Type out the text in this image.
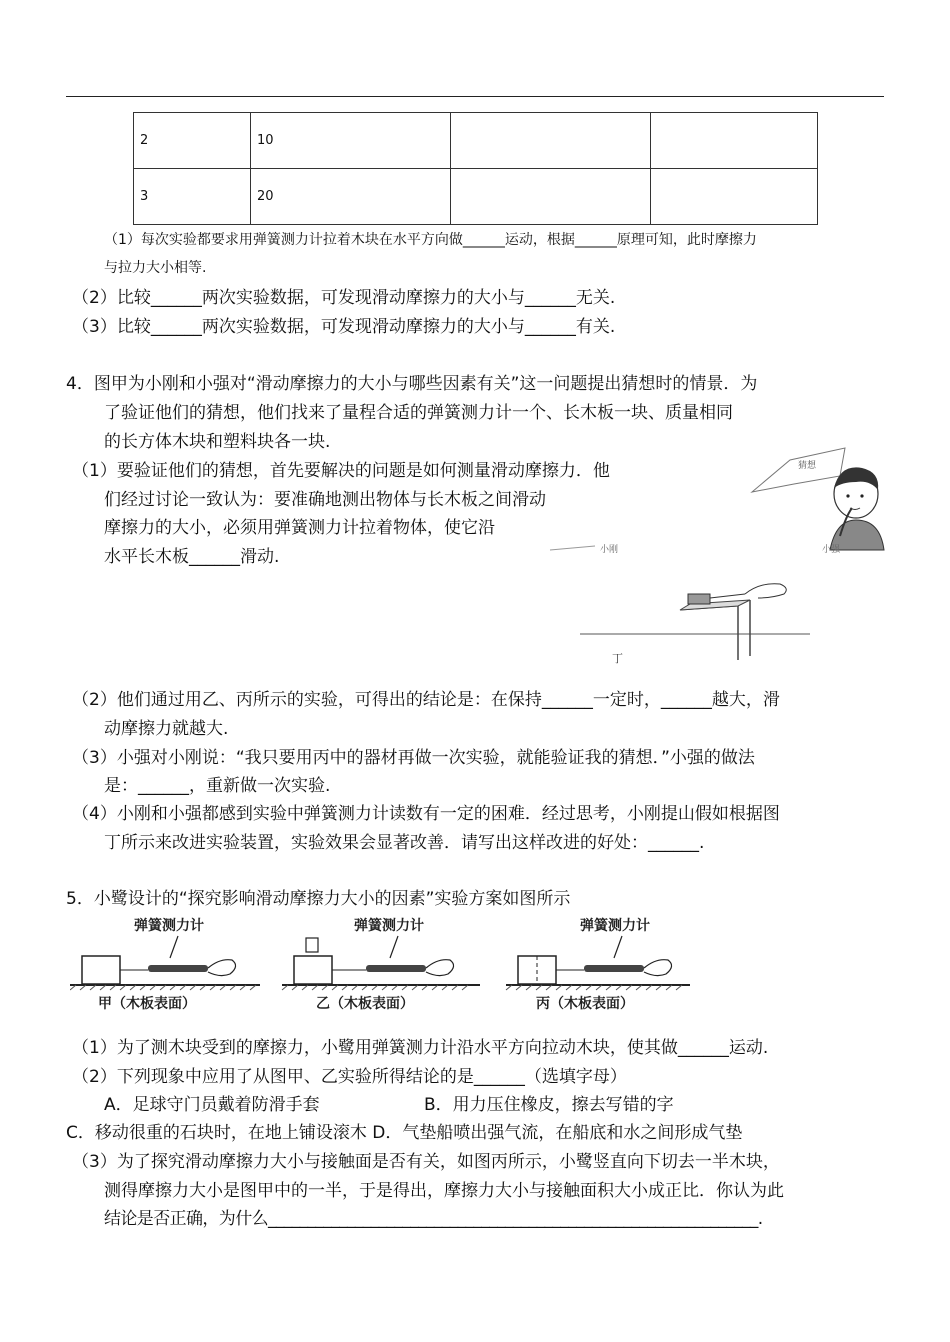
2	10		
3	20		
（1）每次实验都要求用弹簧测力计拉着木块在水平方向做______运动，根据______原理可知，此时摩擦力
与拉力大小相等.
（2）比较______两次实验数据，可发现滑动摩擦力的大小与______无关.
（3）比较______两次实验数据，可发现滑动摩擦力的大小与______有关.
4．图甲为小刚和小强对“滑动摩擦力的大小与哪些因素有关”这一问题提出猜想时的情景．为
了验证他们的猜想，他们找来了量程合适的弹簧测力计一个、长木板一块、质量相同
的长方体木块和塑料块各一块.
（1）要验证他们的猜想，首先要解决的问题是如何测量滑动摩擦力．他
们经过讨论一致认为：要准确地测出物体与长木板之间滑动
摩擦力的大小，必须用弹簧测力计拉着物体，使它沿
水平长木板______滑动.
猜想
小刚	小强
丁
（2）他们通过用乙、丙所示的实验，可得出的结论是：在保持______一定时，______越大，滑
动摩擦力就越大.
（3）小强对小刚说：“我只要用丙中的器材再做一次实验，就能验证我的猜想．”小强的做法
是：______，重新做一次实验.
（4）小刚和小强都感到实验中弹簧测力计读数有一定的困难．经过思考，小刚提山假如根据图
丁所示来改进实验装置，实验效果会显著改善．请写出这样改进的好处：______.
5．小鹭设计的“探究影响滑动摩擦力大小的因素”实验方案如图所示
弹簧测力计
甲（木板表面）
弹簧测力计
乙（木板表面）
弹簧测力计
丙（木板表面）
（1）为了测木块受到的摩擦力，小鹭用弹簧测力计沿水平方向拉动木块，使其做______运动.
（2）下列现象中应用了从图甲、乙实验所得结论的是______（选填字母）
A．足球守门员戴着防滑手套	B．用力压住橡皮，擦去写错的字
C．移动很重的石块时，在地上铺设滚木 D．气垫船喷出强气流，在船底和水之间形成气垫
（3）为了探究滑动摩擦力大小与接触面是否有关，如图丙所示，小鹭竖直向下切去一半木块，
测得摩擦力大小是图甲中的一半，于是得出，摩擦力大小与接触面积大小成正比．你认为此
结论是否正确，为什么______________________________________________________________.
